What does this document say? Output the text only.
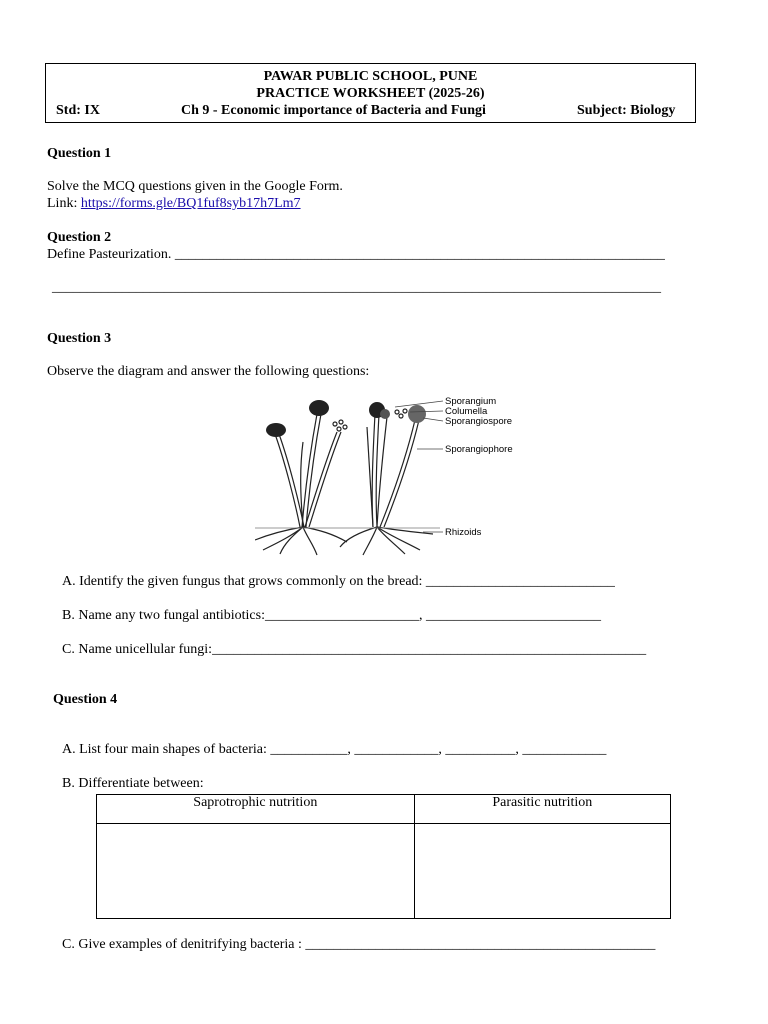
PAWAR PUBLIC SCHOOL, PUNE
PRACTICE WORKSHEET (2025-26)
Std: IX	Ch 9 - Economic importance of Bacteria and Fungi	Subject: Biology
Question 1
Solve the MCQ questions given in the Google Form.
Link: https://forms.gle/BQ1fuf8syb17h7Lm7
Question 2
Define Pasteurization. ______________________________________________________________________
_______________________________________________________________________________________
Question 3
Observe the diagram and answer the following questions:
Sporangium
Columella
Sporangiospore
Sporangiophore
Rhizoids
A. Identify the given fungus that grows commonly on the bread: ___________________________
B. Name any two fungal antibiotics:______________________, _________________________
C. Name unicellular fungi:______________________________________________________________
Question 4
A. List four main shapes of bacteria: ___________, ____________, __________, ____________
B. Differentiate between:
Saprotrophic nutrition	Parasitic nutrition

C. Give examples of denitrifying bacteria : __________________________________________________
